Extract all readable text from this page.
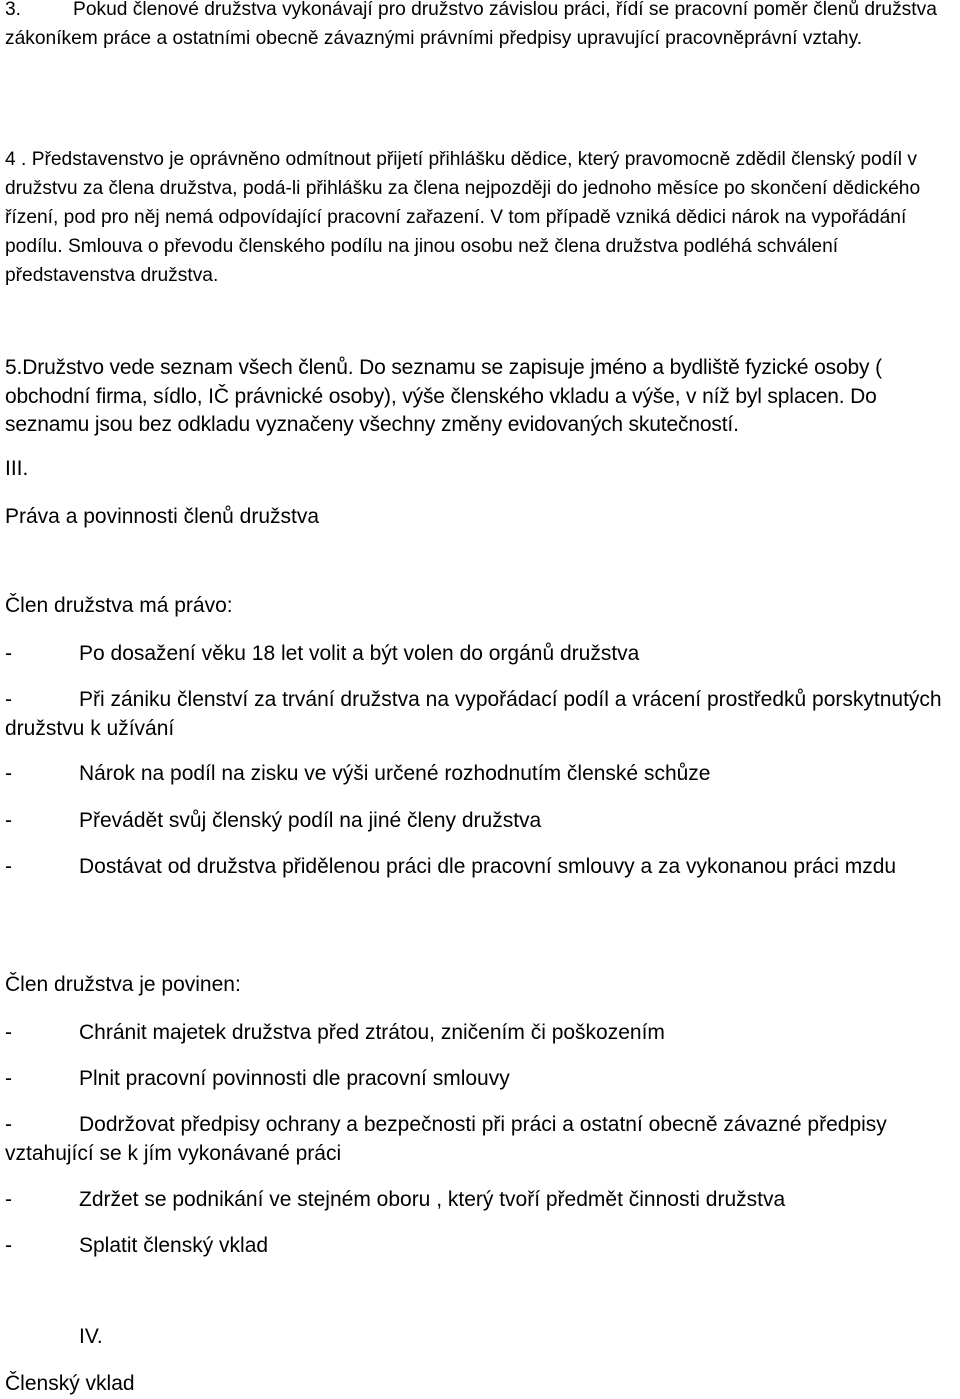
3.	Pokud členové družstva vykonávají pro družstvo závislou práci, řídí se pracovní poměr členů družstva zákoníkem práce a ostatními obecně závaznými právními předpisy upravující pracovněprávní vztahy.

4 . Představenstvo je oprávněno odmítnout přijetí přihlášku dědice, který pravomocně zdědil členský podíl v družstvu za člena družstva, podá-li přihlášku za člena nejpozději do jednoho měsíce po skončení dědického řízení, pod pro něj nemá odpovídající pracovní zařazení. V tom případě vzniká dědici nárok na vypořádání podílu. Smlouva o převodu členského podílu na jinou osobu než člena družstva podléhá schválení představenstva družstva.

5.Družstvo vede seznam všech členů. Do seznamu se zapisuje jméno a bydliště fyzické osoby ( obchodní firma, sídlo, IČ právnické osoby), výše členského vkladu a výše, v níž byl splacen. Do seznamu jsou bez odkladu vyznačeny všechny změny evidovaných skutečností.

III.

Práva a povinnosti členů družstva

Člen družstva má právo:

-	Po dosažení věku 18 let volit a být volen do orgánů družstva

-	Při zániku členství za trvání družstva na vypořádací podíl a vrácení prostředků porskytnutých družstvu k užívání

-	Nárok na podíl na zisku ve výši určené rozhodnutím členské schůze

-	Převádět svůj členský podíl na jiné členy družstva

-	Dostávat od družstva přidělenou práci dle pracovní smlouvy a za vykonanou práci mzdu

Člen družstva je povinen:

-	Chránit majetek družstva před ztrátou, zničením či poškozením

-	Plnit pracovní povinnosti dle pracovní smlouvy

-	Dodržovat předpisy ochrany a bezpečnosti při práci a ostatní obecně závazné předpisy vztahující se k jím vykonávané práci

-	Zdržet se podnikání ve stejném oboru , který tvoří předmět činnosti družstva

-	Splatit členský vklad

IV.

Členský vklad
